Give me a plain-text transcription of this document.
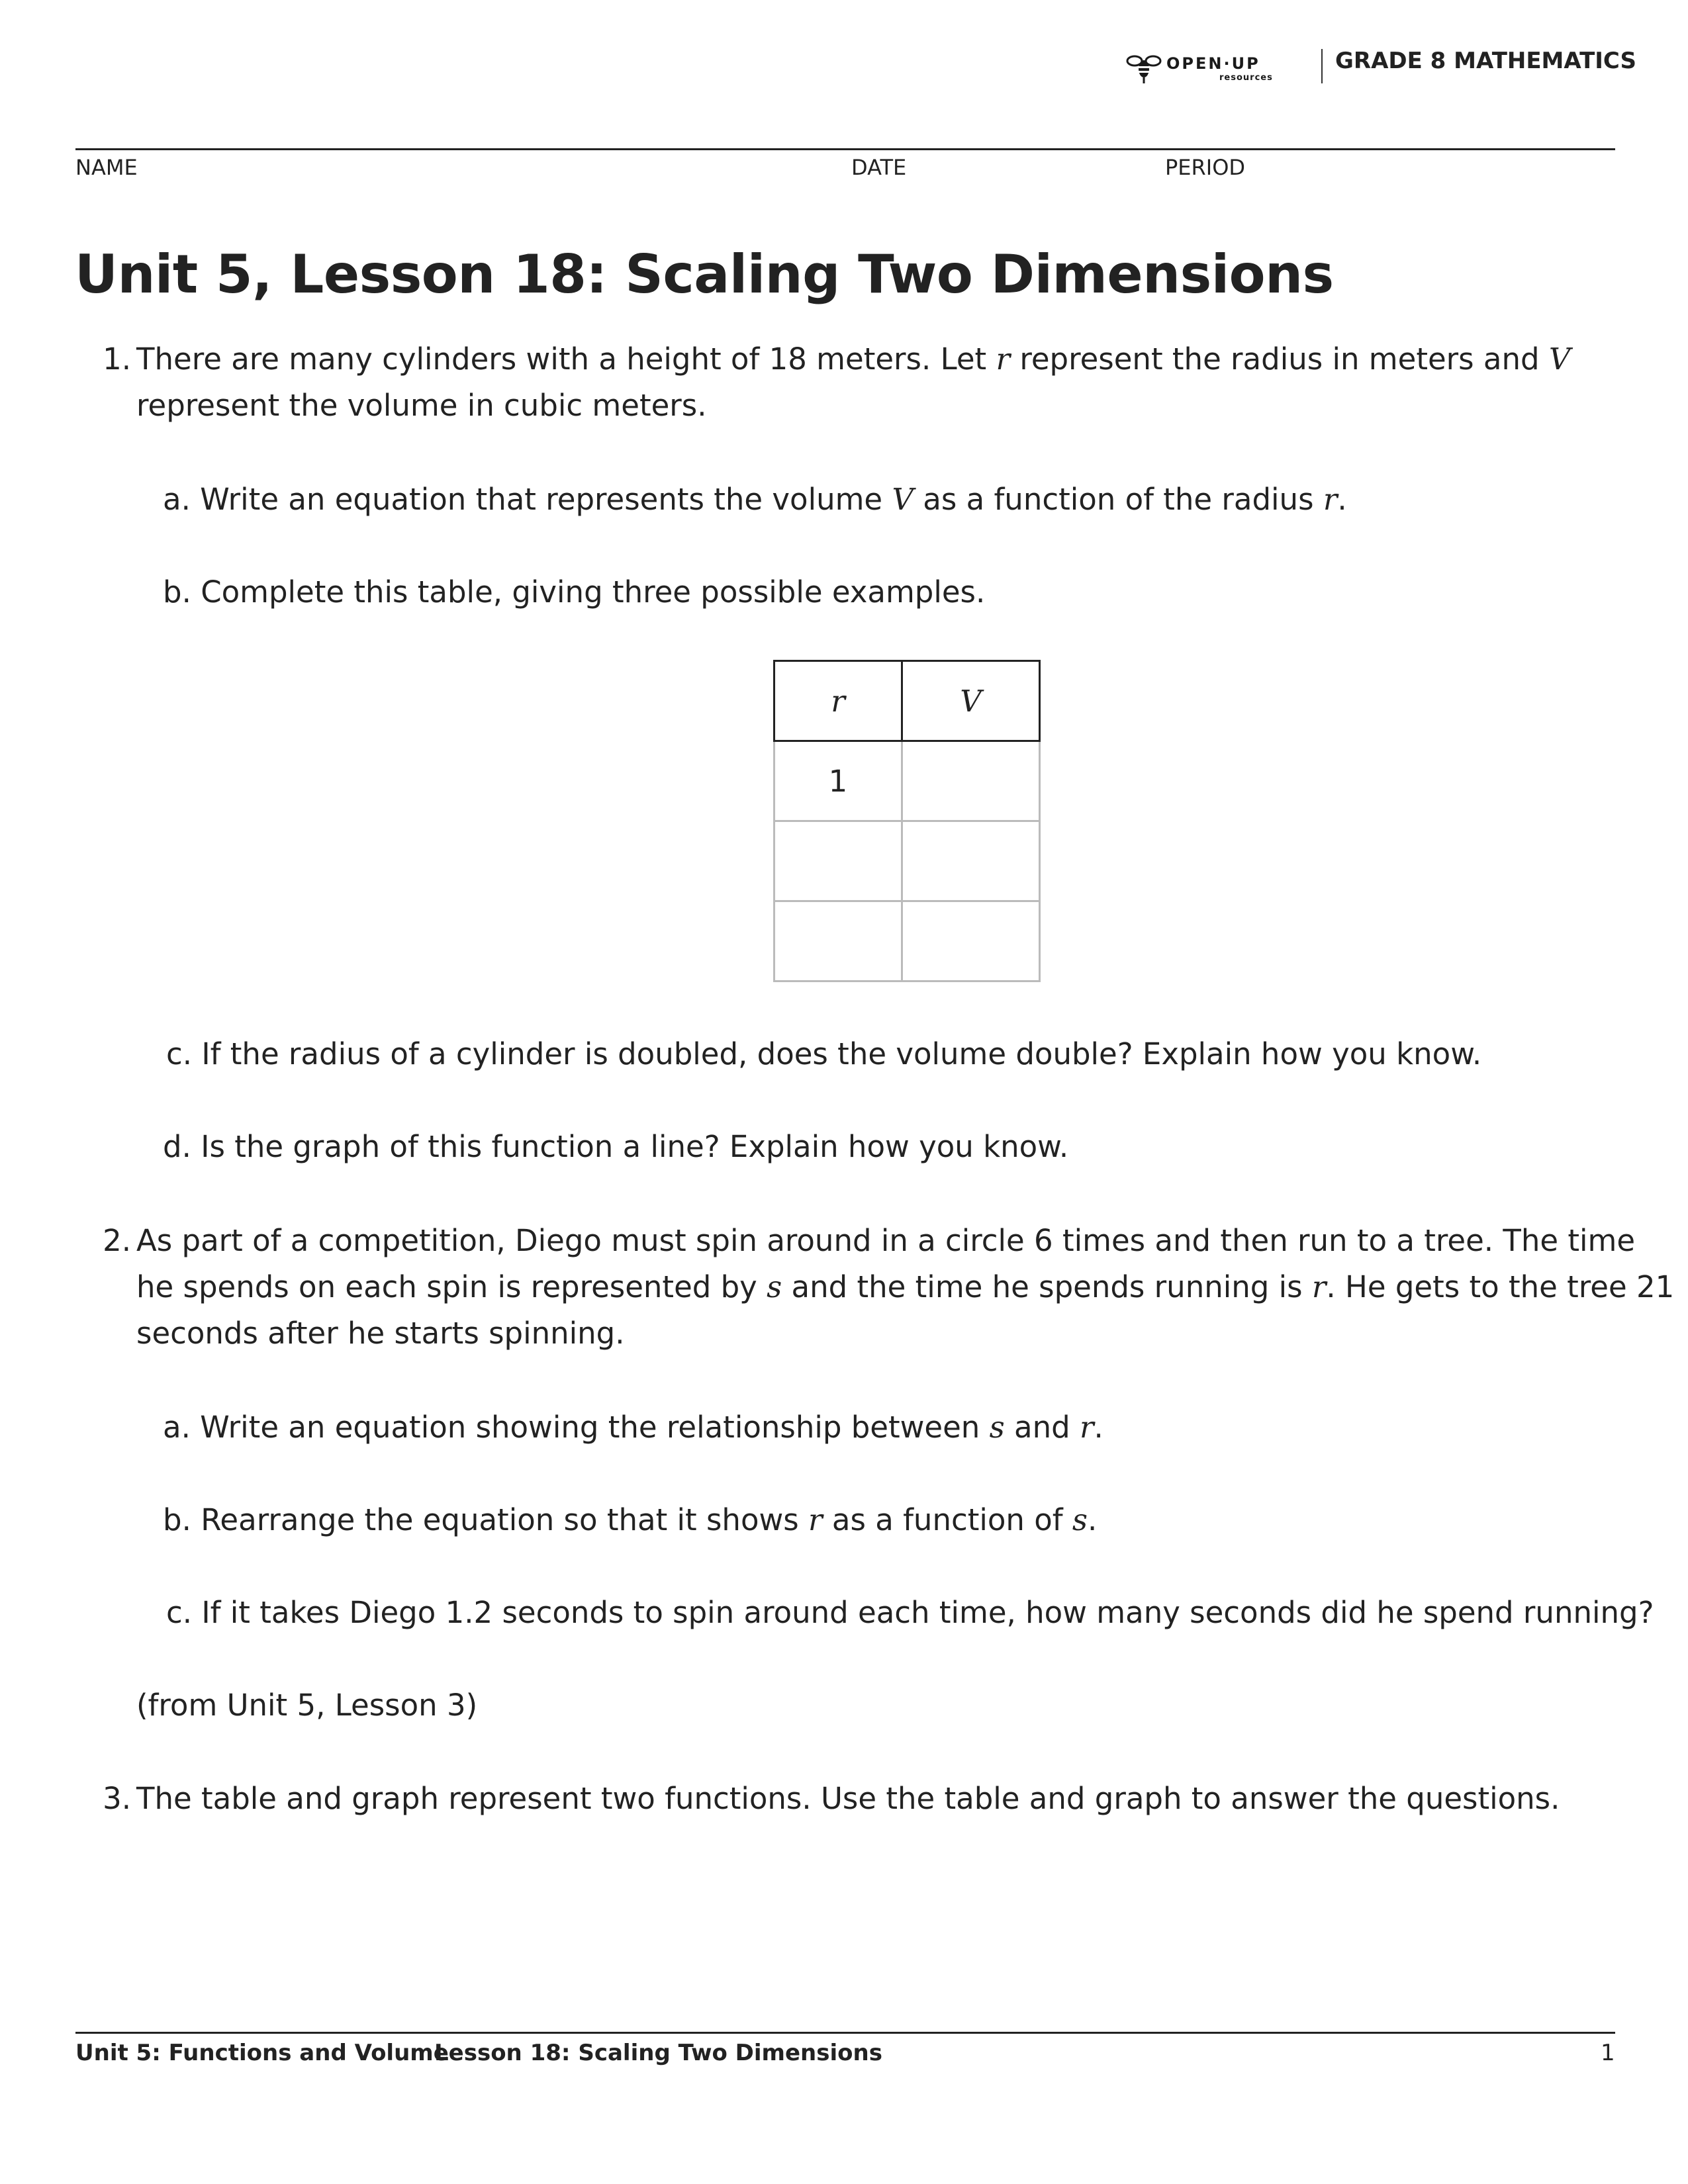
OPEN·UP
resources
GRADE 8 MATHEMATICS
NAME	DATE	PERIOD
Unit 5, Lesson 18: Scaling Two Dimensions
1. There are many cylinders with a height of 18 meters. Let r represent the radius in meters and V
represent the volume in cubic meters.
a. Write an equation that represents the volume V as a function of the radius r.
b. Complete this table, giving three possible examples.
r	V
1	

c. If the radius of a cylinder is doubled, does the volume double? Explain how you know.
d. Is the graph of this function a line? Explain how you know.
2. As part of a competition, Diego must spin around in a circle 6 times and then run to a tree. The time
he spends on each spin is represented by s and the time he spends running is r. He gets to the tree 21
seconds after he starts spinning.
a. Write an equation showing the relationship between s and r.
b. Rearrange the equation so that it shows r as a function of s.
c. If it takes Diego 1.2 seconds to spin around each time, how many seconds did he spend running?
(from Unit 5, Lesson 3)
3. The table and graph represent two functions. Use the table and graph to answer the questions.
Unit 5: Functions and Volume
Lesson 18: Scaling Two Dimensions	1
